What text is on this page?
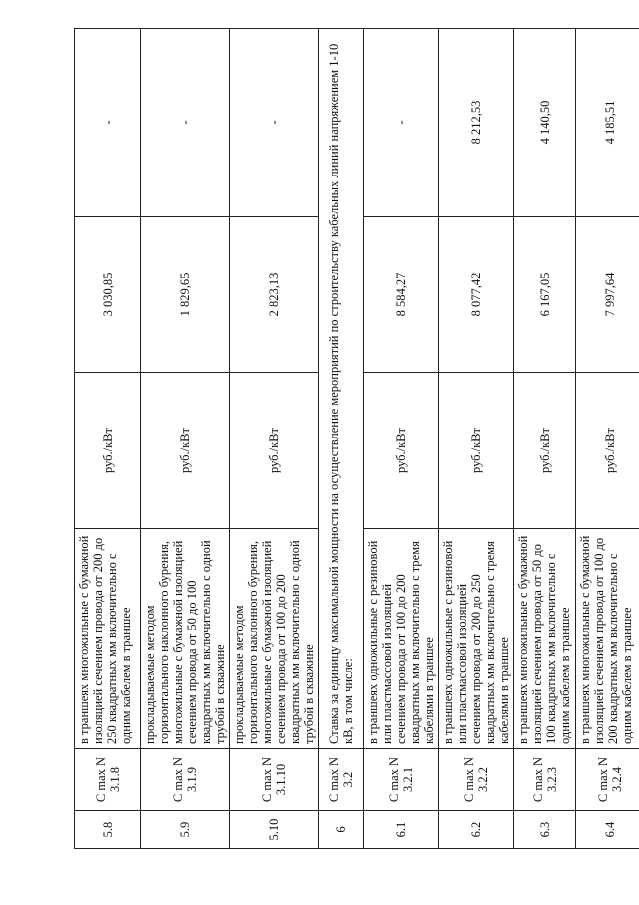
5.8	C max N 3.1.8	в траншеях многожильные с бумажной изоляцией сечением провода от 200 до 250 квадратных мм включительно с одним кабелем в траншее	руб./кВт	3 030,85	-
5.9	C max N 3.1.9	прокладываемые методом горизонтального наклонного бурения, многожильные с бумажной изоляцией сечением провода от 50 до 100 квадратных мм включительно с одной трубой в скважине	руб./кВт	1 829,65	-
5.10	C max N 3.1.10	прокладываемые методом горизонтального наклонного бурения, многожильные с бумажной изоляцией сечением провода от 100 до 200 квадратных мм включительно с одной трубой в скважине	руб./кВт	2 823,13	-
6	C max N 3.2	Ставка за единицу максимальной мощности на осуществление мероприятий по строительству кабельных линий напряжением 1-10 кВ, в том числе:			
6.1	C max N 3.2.1	в траншеях одножильные с резиновой или пластмассовой изоляцией сечением провода от 100 до 200 квадратных мм включительно с тремя кабелями в траншее	руб./кВт	8 584,27	-
6.2	C max N 3.2.2	в траншеях одножильные с резиновой или пластмассовой изоляцией сечением провода от 200 до 250 квадратных мм включительно с тремя кабелями в траншее	руб./кВт	8 077,42	8 212,53
6.3	C max N 3.2.3	в траншеях многожильные с бумажной изоляцией сечением провода от 50 до 100 квадратных мм включительно с одним кабелем в траншее	руб./кВт	6 167,05	4 140,50
6.4	C max N 3.2.4	в траншеях многожильные с бумажной изоляцией сечением провода от 100 до 200 квадратных мм включительно с одним кабелем в траншее	руб./кВт	7 997,64	4 185,51
